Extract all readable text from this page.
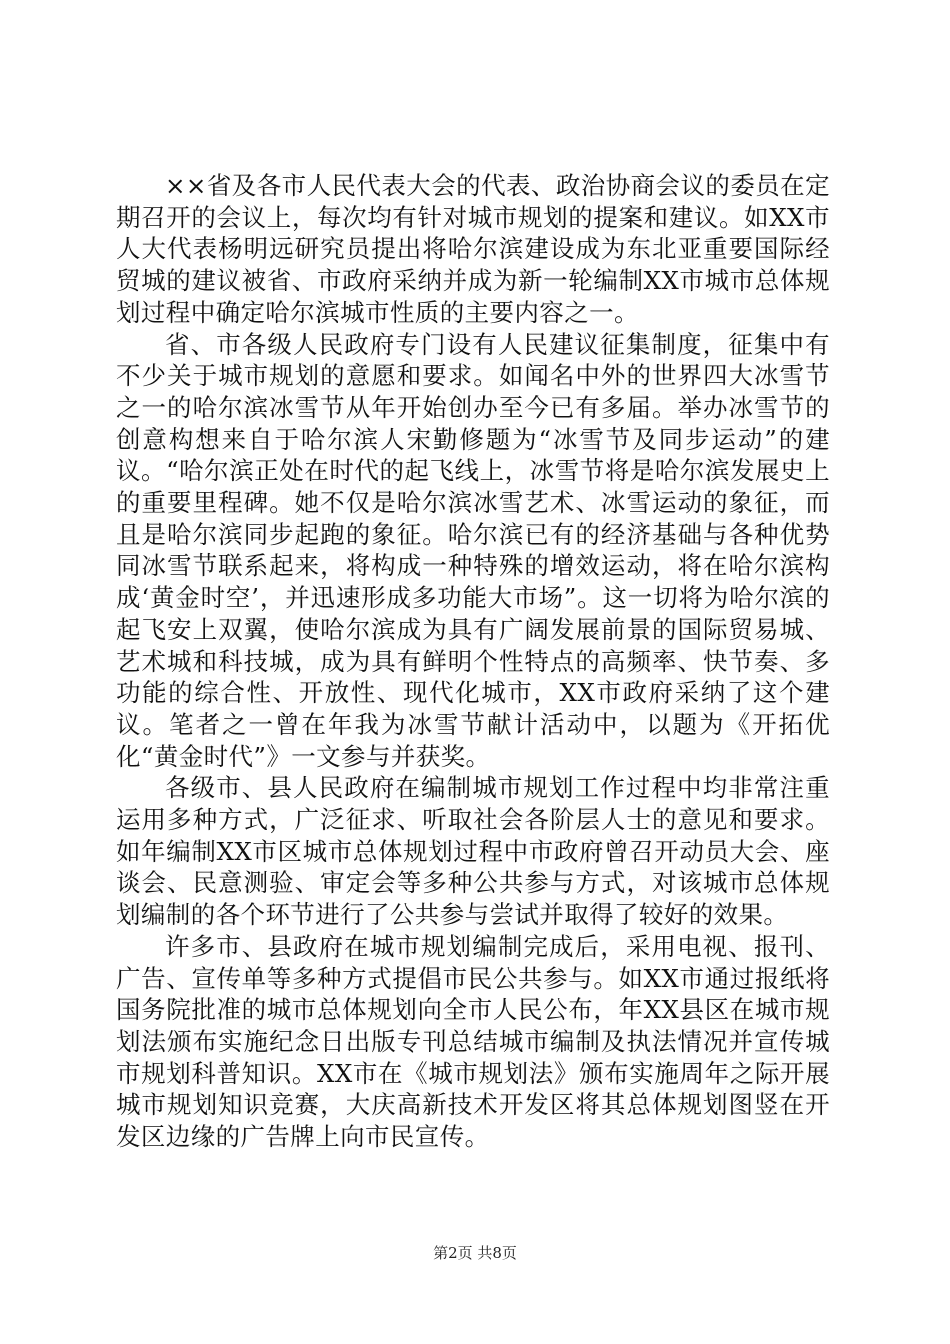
××省及各市人民代表大会的代表、政治协商会议的委员在定期召开的会议上，每次均有针对城市规划的提案和建议。如XX市人大代表杨明远研究员提出将哈尔滨建设成为东北亚重要国际经贸城的建议被省、市政府采纳并成为新一轮编制XX市城市总体规划过程中确定哈尔滨城市性质的主要内容之一。

省、市各级人民政府专门设有人民建议征集制度，征集中有不少关于城市规划的意愿和要求。如闻名中外的世界四大冰雪节之一的哈尔滨冰雪节从年开始创办至今已有多届。举办冰雪节的创意构想来自于哈尔滨人宋勤修题为“冰雪节及同步运动”的建议。“哈尔滨正处在时代的起飞线上，冰雪节将是哈尔滨发展史上的重要里程碑。她不仅是哈尔滨冰雪艺术、冰雪运动的象征，而且是哈尔滨同步起跑的象征。哈尔滨已有的经济基础与各种优势同冰雪节联系起来，将构成一种特殊的增效运动，将在哈尔滨构成‘黄金时空’，并迅速形成多功能大市场”。这一切将为哈尔滨的起飞安上双翼，使哈尔滨成为具有广阔发展前景的国际贸易城、艺术城和科技城，成为具有鲜明个性特点的高频率、快节奏、多功能的综合性、开放性、现代化城市，XX市政府采纳了这个建议。笔者之一曾在年我为冰雪节献计活动中，以题为《开拓优化“黄金时代”》一文参与并获奖。

各级市、县人民政府在编制城市规划工作过程中均非常注重运用多种方式，广泛征求、听取社会各阶层人士的意见和要求。如年编制XX市区城市总体规划过程中市政府曾召开动员大会、座谈会、民意测验、审定会等多种公共参与方式，对该城市总体规划编制的各个环节进行了公共参与尝试并取得了较好的效果。

许多市、县政府在城市规划编制完成后，采用电视、报刊、广告、宣传单等多种方式提倡市民公共参与。如XX市通过报纸将国务院批准的城市总体规划向全市人民公布，年XX县区在城市规划法颁布实施纪念日出版专刊总结城市编制及执法情况并宣传城市规划科普知识。XX市在《城市规划法》颁布实施周年之际开展城市规划知识竞赛，大庆高新技术开发区将其总体规划图竖在开发区边缘的广告牌上向市民宣传。

第2页 共8页
